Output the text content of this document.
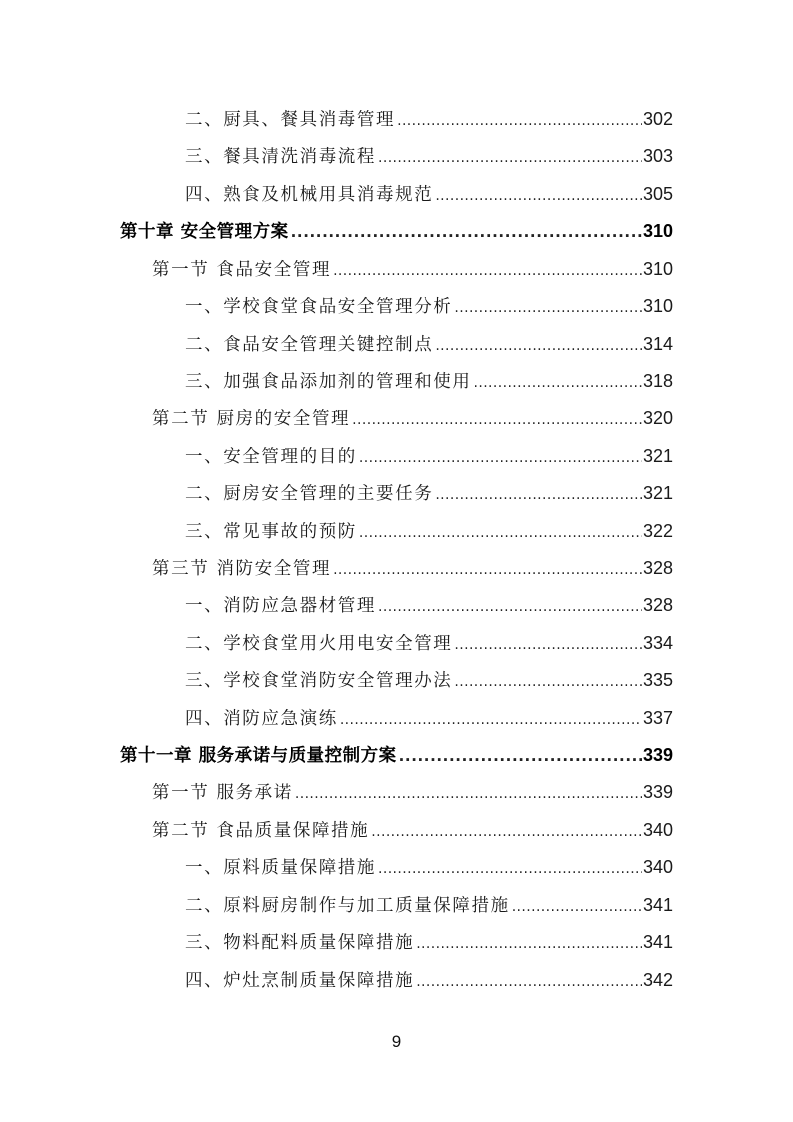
二、厨具、餐具消毒管理 .....	302
三、餐具清洗消毒流程 .....	303
四、熟食及机械用具消毒规范 .....	305
第十章 安全管理方案 .....	310
第一节 食品安全管理 .....	310
一、学校食堂食品安全管理分析 .....	310
二、食品安全管理关键控制点 .....	314
三、加强食品添加剂的管理和使用 .....	318
第二节 厨房的安全管理 .....	320
一、安全管理的目的 .....	321
二、厨房安全管理的主要任务 .....	321
三、常见事故的预防 .....	322
第三节 消防安全管理 .....	328
一、消防应急器材管理 .....	328
二、学校食堂用火用电安全管理 .....	334
三、学校食堂消防安全管理办法 .....	335
四、消防应急演练 .....	337
第十一章 服务承诺与质量控制方案 .....	339
第一节 服务承诺 .....	339
第二节 食品质量保障措施 .....	340
一、原料质量保障措施 .....	340
二、原料厨房制作与加工质量保障措施 .....	341
三、物料配料质量保障措施 .....	341
四、炉灶烹制质量保障措施 .....	342
9
